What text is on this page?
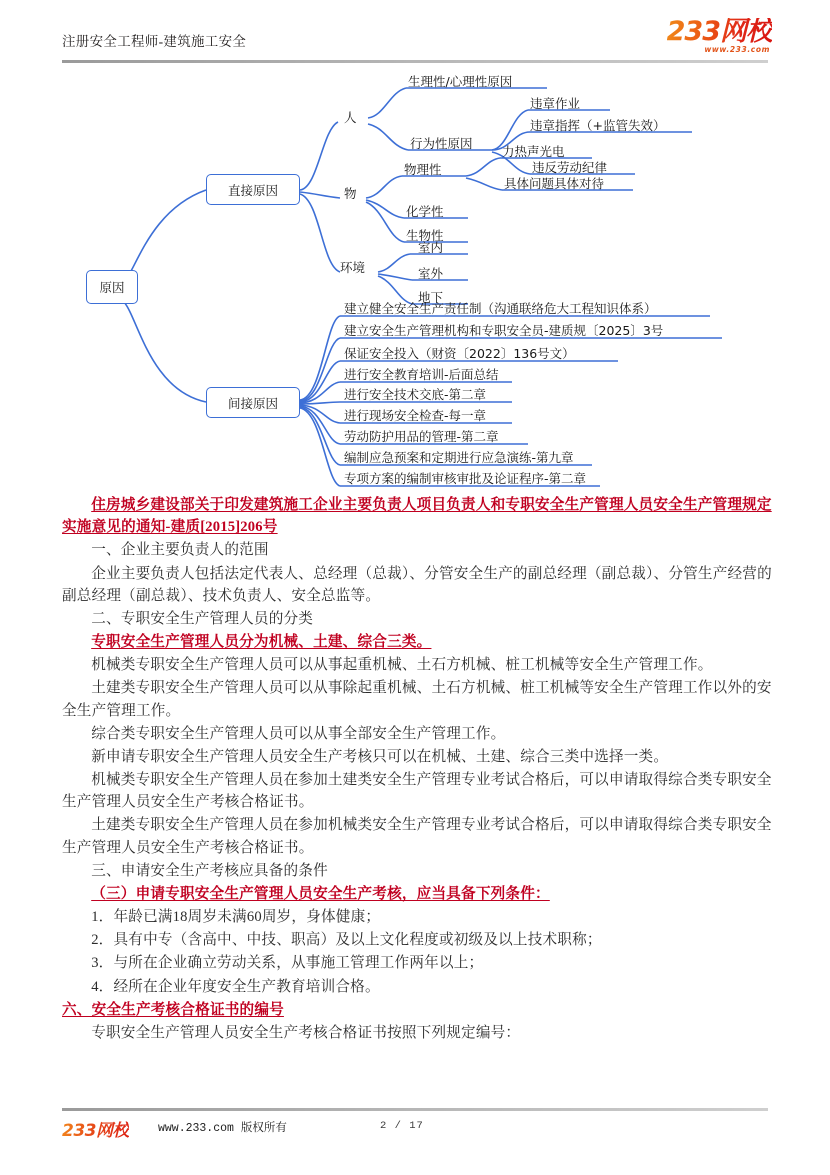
注册安全工程师-建筑施工安全	233网校
www.233.com
原因
直接原因
间接原因
人
物
环境
生理性/心理性原因
行为性原因
违章作业
违章指挥（+监管失效）
违反劳动纪律
物理性
力热声光电
具体问题具体对待
化学性
生物性
室内
室外
地下
建立健全安全生产责任制（沟通联络危大工程知识体系）
建立安全生产管理机构和专职安全员-建质规〔2025〕3号
保证安全投入（财资〔2022〕136号文）
进行安全教育培训-后面总结
进行安全技术交底-第二章
进行现场安全检查-每一章
劳动防护用品的管理-第二章
编制应急预案和定期进行应急演练-第九章
专项方案的编制审核审批及论证程序-第二章

住房城乡建设部关于印发建筑施工企业主要负责人项目负责人和专职安全生产管理人员安全生产管理规定实施意见的通知-建质[2015]206号

一、企业主要负责人的范围

企业主要负责人包括法定代表人、总经理（总裁）、分管安全生产的副总经理（副总裁）、分管生产经营的副总经理（副总裁）、技术负责人、安全总监等。

二、专职安全生产管理人员的分类

专职安全生产管理人员分为机械、土建、综合三类。

机械类专职安全生产管理人员可以从事起重机械、土石方机械、桩工机械等安全生产管理工作。

土建类专职安全生产管理人员可以从事除起重机械、土石方机械、桩工机械等安全生产管理工作以外的安全生产管理工作。

综合类专职安全生产管理人员可以从事全部安全生产管理工作。

新申请专职安全生产管理人员安全生产考核只可以在机械、土建、综合三类中选择一类。

机械类专职安全生产管理人员在参加土建类安全生产管理专业考试合格后，可以申请取得综合类专职安全生产管理人员安全生产考核合格证书。

土建类专职安全生产管理人员在参加机械类安全生产管理专业考试合格后，可以申请取得综合类专职安全生产管理人员安全生产考核合格证书。

三、申请安全生产考核应具备的条件

（三）申请专职安全生产管理人员安全生产考核，应当具备下列条件：

1．年龄已满18周岁未满60周岁，身体健康；

2．具有中专（含高中、中技、职高）及以上文化程度或初级及以上技术职称；

3．与所在企业确立劳动关系，从事施工管理工作两年以上；

4．经所在企业年度安全生产教育培训合格。

六、安全生产考核合格证书的编号

专职安全生产管理人员安全生产考核合格证书按照下列规定编号：

233网校	www.233.com 版权所有	2 / 17
